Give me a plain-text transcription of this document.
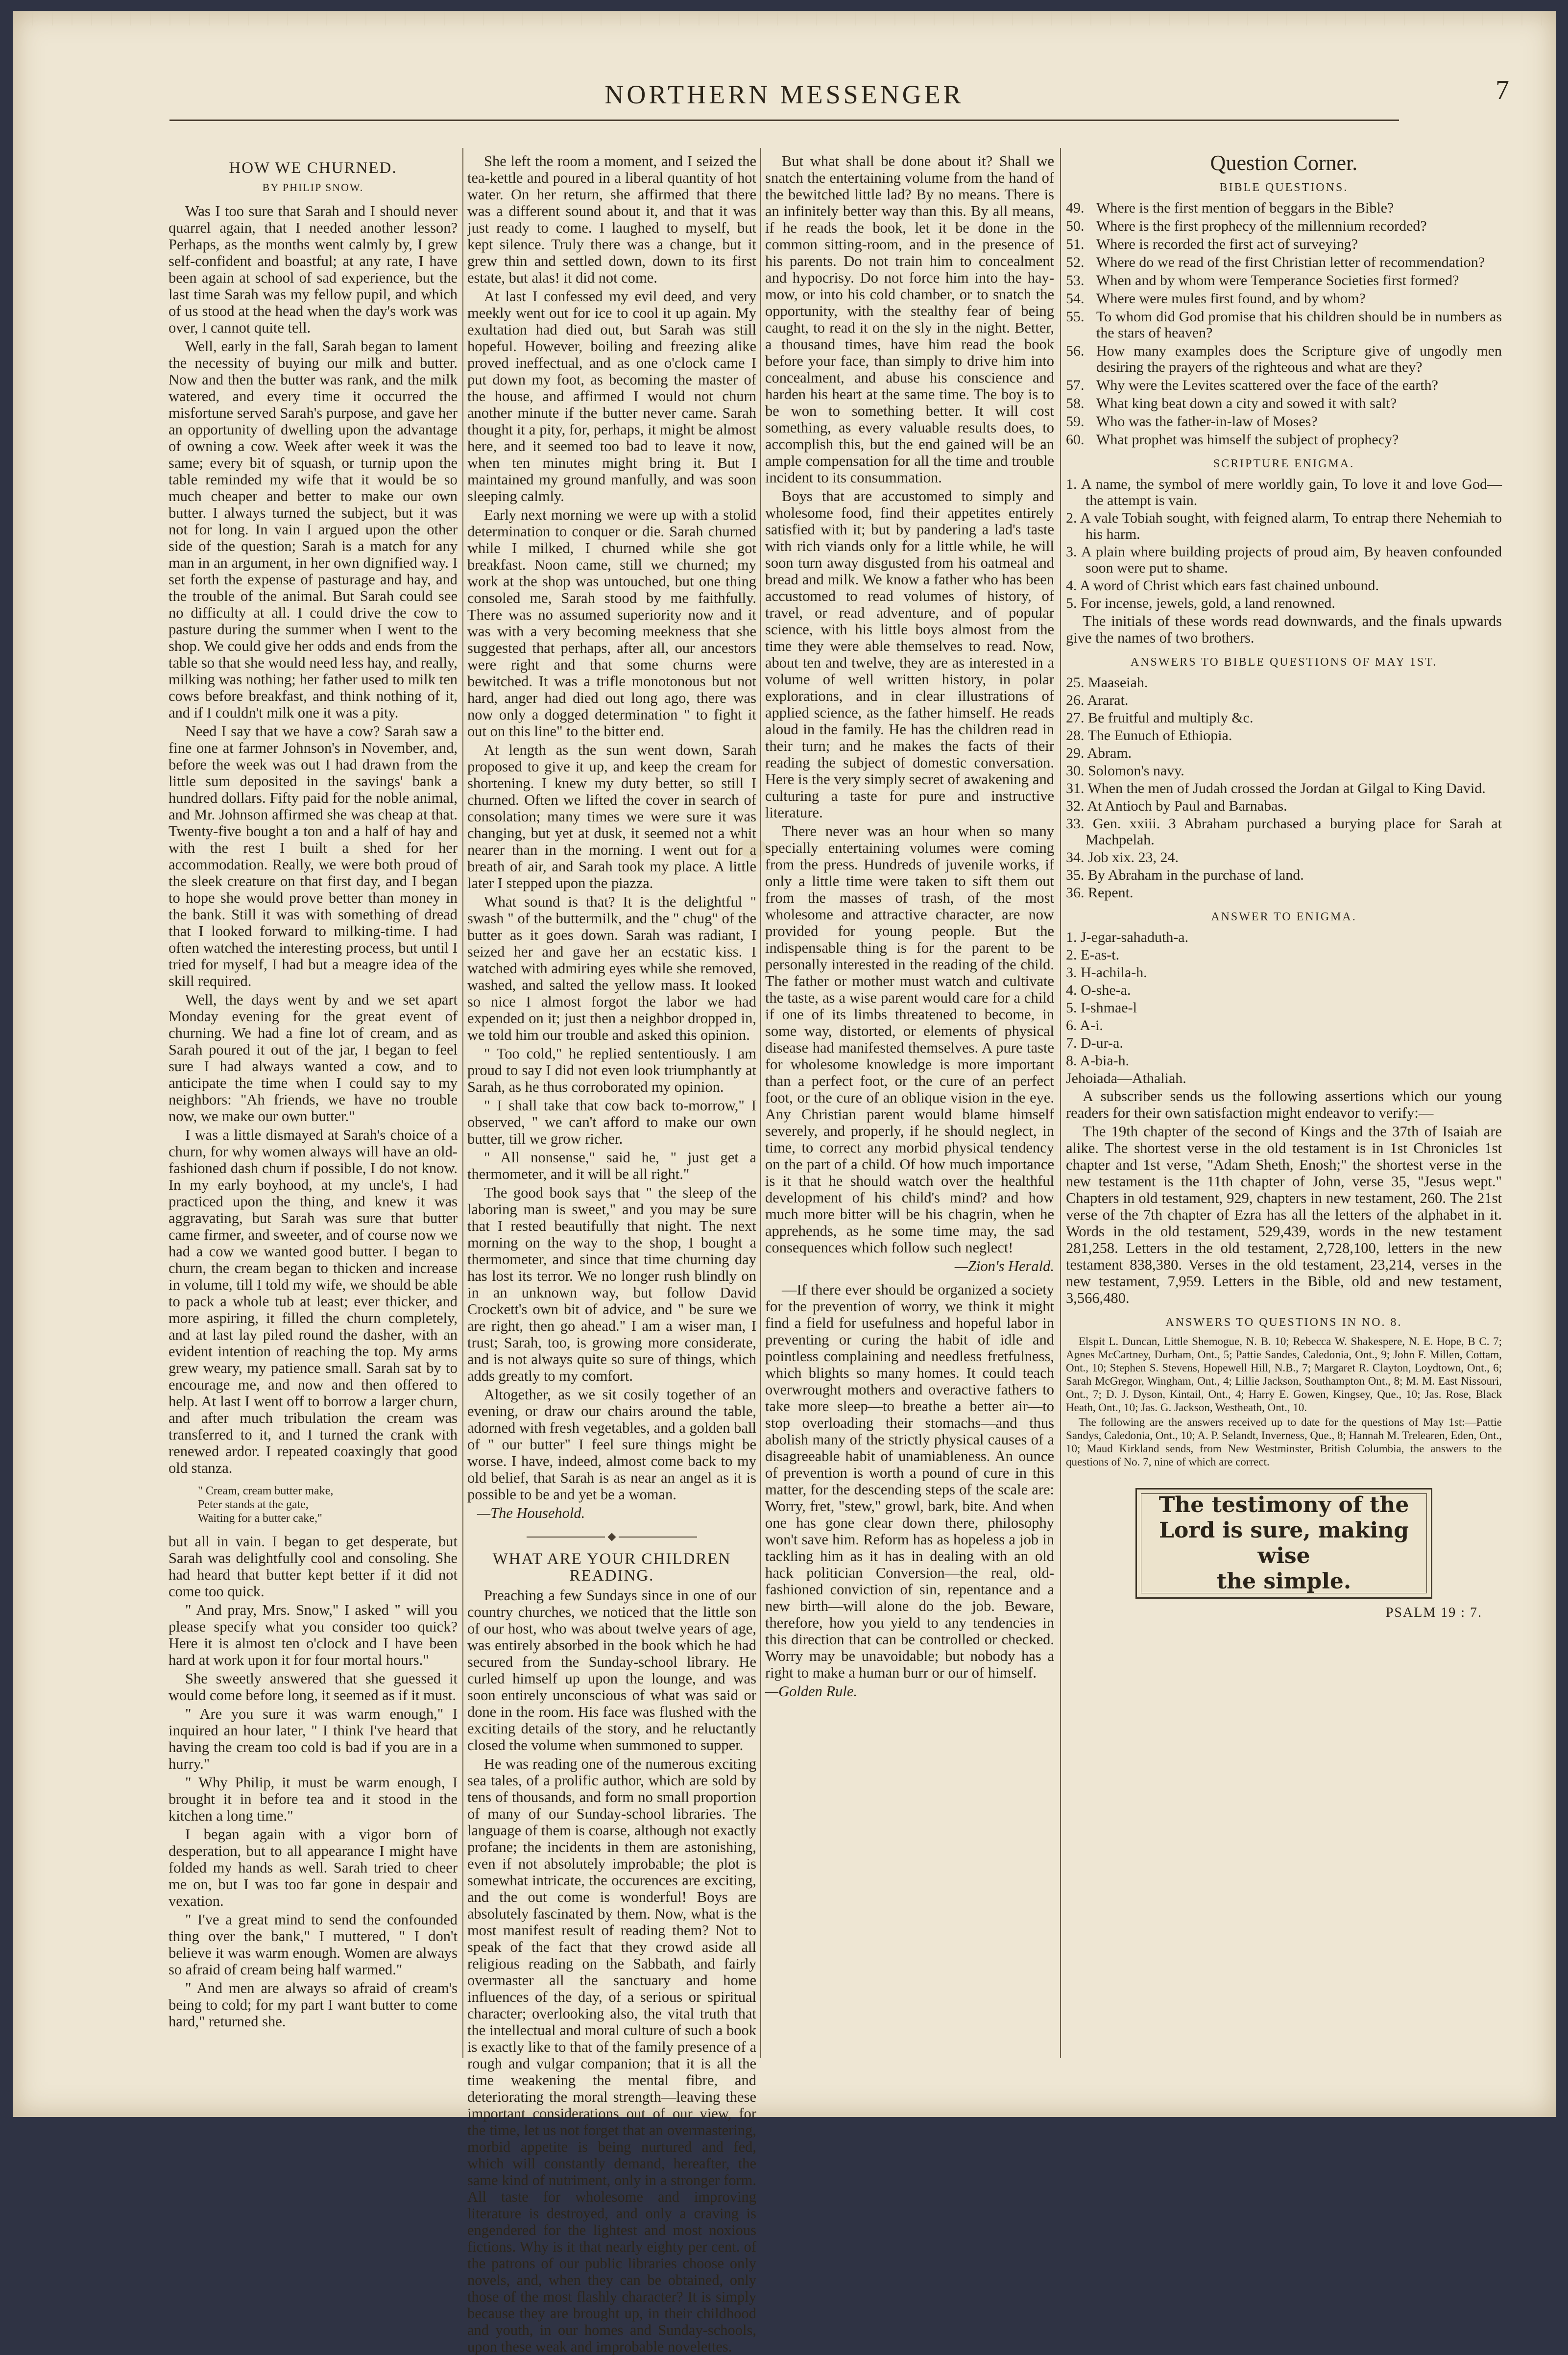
NORTHERN MESSENGER	7
HOW WE CHURNED.
BY PHILIP SNOW.

Was I too sure that Sarah and I should never quarrel again, that I needed another lesson? Perhaps, as the months went calmly by, I grew self-confident and boastful; at any rate, I have been again at school of sad experience, but the last time Sarah was my fellow pupil, and which of us stood at the head when the day's work was over, I cannot quite tell.

Well, early in the fall, Sarah began to lament the necessity of buying our milk and butter. Now and then the butter was rank, and the milk watered, and every time it occurred the misfortune served Sarah's purpose, and gave her an opportunity of dwelling upon the advantage of owning a cow. Week after week it was the same; every bit of squash, or turnip upon the table reminded my wife that it would be so much cheaper and better to make our own butter. I always turned the subject, but it was not for long. In vain I argued upon the other side of the question; Sarah is a match for any man in an argument, in her own dignified way. I set forth the expense of pasturage and hay, and the trouble of the animal. But Sarah could see no difficulty at all. I could drive the cow to pasture during the summer when I went to the shop. We could give her odds and ends from the table so that she would need less hay, and really, milking was nothing; her father used to milk ten cows before breakfast, and think nothing of it, and if I couldn't milk one it was a pity.

Need I say that we have a cow? Sarah saw a fine one at farmer Johnson's in November, and, before the week was out I had drawn from the little sum deposited in the savings' bank a hundred dollars. Fifty paid for the noble animal, and Mr. Johnson affirmed she was cheap at that. Twenty-five bought a ton and a half of hay and with the rest I built a shed for her accommodation. Really, we were both proud of the sleek creature on that first day, and I began to hope she would prove better than money in the bank. Still it was with something of dread that I looked forward to milking-time. I had often watched the interesting process, but until I tried for myself, I had but a meagre idea of the skill required.

Well, the days went by and we set apart Monday evening for the great event of churning. We had a fine lot of cream, and as Sarah poured it out of the jar, I began to feel sure I had always wanted a cow, and to anticipate the time when I could say to my neighbors: "Ah friends, we have no trouble now, we make our own butter."

I was a little dismayed at Sarah's choice of a churn, for why women always will have an old-fashioned dash churn if possible, I do not know. In my early boyhood, at my uncle's, I had practiced upon the thing, and knew it was aggravating, but Sarah was sure that butter came firmer, and sweeter, and of course now we had a cow we wanted good butter. I began to churn, the cream began to thicken and increase in volume, till I told my wife, we should be able to pack a whole tub at least; ever thicker, and more aspiring, it filled the churn completely, and at last lay piled round the dasher, with an evident intention of reaching the top. My arms grew weary, my patience small. Sarah sat by to encourage me, and now and then offered to help. At last I went off to borrow a larger churn, and after much tribulation the cream was transferred to it, and I turned the crank with renewed ardor. I repeated coaxingly that good old stanza.

" Cream, cream butter make,
Peter stands at the gate,
Waiting for a butter cake,"

but all in vain. I began to get desperate, but Sarah was delightfully cool and consoling. She had heard that butter kept better if it did not come too quick.

" And pray, Mrs. Snow," I asked " will you please specify what you consider too quick? Here it is almost ten o'clock and I have been hard at work upon it for four mortal hours."

She sweetly answered that she guessed it would come before long, it seemed as if it must.

" Are you sure it was warm enough," I inquired an hour later, " I think I've heard that having the cream too cold is bad if you are in a hurry."

" Why Philip, it must be warm enough, I brought it in before tea and it stood in the kitchen a long time."

I began again with a vigor born of desperation, but to all appearance I might have folded my hands as well. Sarah tried to cheer me on, but I was too far gone in despair and vexation.

" I've a great mind to send the confounded thing over the bank," I muttered, " I don't believe it was warm enough. Women are always so afraid of cream being half warmed."

" And men are always so afraid of cream's being to cold; for my part I want butter to come hard," returned she.

She left the room a moment, and I seized the tea-kettle and poured in a liberal quantity of hot water. On her return, she affirmed that there was a different sound about it, and that it was just ready to come. I laughed to myself, but kept silence. Truly there was a change, but it grew thin and settled down, down to its first estate, but alas! it did not come.

At last I confessed my evil deed, and very meekly went out for ice to cool it up again. My exultation had died out, but Sarah was still hopeful. However, boiling and freezing alike proved ineffectual, and as one o'clock came I put down my foot, as becoming the master of the house, and affirmed I would not churn another minute if the butter never came. Sarah thought it a pity, for, perhaps, it might be almost here, and it seemed too bad to leave it now, when ten minutes might bring it. But I maintained my ground manfully, and was soon sleeping calmly.

Early next morning we were up with a stolid determination to conquer or die. Sarah churned while I milked, I churned while she got breakfast. Noon came, still we churned; my work at the shop was untouched, but one thing consoled me, Sarah stood by me faithfully. There was no assumed superiority now and it was with a very becoming meekness that she suggested that perhaps, after all, our ancestors were right and that some churns were bewitched. It was a trifle monotonous but not hard, anger had died out long ago, there was now only a dogged determination " to fight it out on this line" to the bitter end.

At length as the sun went down, Sarah proposed to give it up, and keep the cream for shortening. I knew my duty better, so still I churned. Often we lifted the cover in search of consolation; many times we were sure it was changing, but yet at dusk, it seemed not a whit nearer than in the morning. I went out for a breath of air, and Sarah took my place. A little later I stepped upon the piazza.

What sound is that? It is the delightful " swash " of the buttermilk, and the " chug" of the butter as it goes down. Sarah was radiant, I seized her and gave her an ecstatic kiss. I watched with admiring eyes while she removed, washed, and salted the yellow mass. It looked so nice I almost forgot the labor we had expended on it; just then a neighbor dropped in, we told him our trouble and asked this opinion.

" Too cold," he replied sententiously. I am proud to say I did not even look triumphantly at Sarah, as he thus corroborated my opinion.

" I shall take that cow back to-morrow," I observed, " we can't afford to make our own butter, till we grow richer.

" All nonsense," said he, " just get a thermometer, and it will be all right."

The good book says that " the sleep of the laboring man is sweet," and you may be sure that I rested beautifully that night. The next morning on the way to the shop, I bought a thermometer, and since that time churning day has lost its terror. We no longer rush blindly on in an unknown way, but follow David Crockett's own bit of advice, and " be sure we are right, then go ahead." I am a wiser man, I trust; Sarah, too, is growing more considerate, and is not always quite so sure of things, which adds greatly to my comfort.

Altogether, as we sit cosily together of an evening, or draw our chairs around the table, adorned with fresh vegetables, and a golden ball of " our butter" I feel sure things might be worse. I have, indeed, almost come back to my old belief, that Sarah is as near an angel as it is possible to be and yet be a woman.

—The Household.
WHAT ARE YOUR CHILDREN READING.

Preaching a few Sundays since in one of our country churches, we noticed that the little son of our host, who was about twelve years of age, was entirely absorbed in the book which he had secured from the Sunday-school library. He curled himself up upon the lounge, and was soon entirely unconscious of what was said or done in the room. His face was flushed with the exciting details of the story, and he reluctantly closed the volume when summoned to supper.

He was reading one of the numerous exciting sea tales, of a prolific author, which are sold by tens of thousands, and form no small proportion of many of our Sunday-school libraries. The language of them is coarse, although not exactly profane; the incidents in them are astonishing, even if not absolutely improbable; the plot is somewhat intricate, the occurences are exciting, and the out come is wonderful! Boys are absolutely fascinated by them. Now, what is the most manifest result of reading them? Not to speak of the fact that they crowd aside all religious reading on the Sabbath, and fairly overmaster all the sanctuary and home influences of the day, of a serious or spiritual character; overlooking also, the vital truth that the intellectual and moral culture of such a book is exactly like to that of the family presence of a rough and vulgar companion; that it is all the time weakening the mental fibre, and deteriorating the moral strength—leaving these important considerations out of our view, for the time, let us not forget that an overmastering, morbid appetite is being nurtured and fed, which will constantly demand, hereafter, the same kind of nutriment, only in a stronger form. All taste for wholesome and improving literature is destroyed, and only a craving is engendered for the lightest and most noxious fictions. Why is it that nearly eighty per cent. of the patrons of our public libraries choose only novels, and, when they can be obtained, only those of the most flashly character? It is simply because they are brought up, in their childhood and youth, in our homes and Sunday-schools, upon these weak and improbable novelettes.

But what shall be done about it? Shall we snatch the entertaining volume from the hand of the bewitched little lad? By no means. There is an infinitely better way than this. By all means, if he reads the book, let it be done in the common sitting-room, and in the presence of his parents. Do not train him to concealment and hypocrisy. Do not force him into the hay-mow, or into his cold chamber, or to snatch the opportunity, with the stealthy fear of being caught, to read it on the sly in the night. Better, a thousand times, have him read the book before your face, than simply to drive him into concealment, and abuse his conscience and harden his heart at the same time. The boy is to be won to something better. It will cost something, as every valuable results does, to accomplish this, but the end gained will be an ample compensation for all the time and trouble incident to its consummation.

Boys that are accustomed to simply and wholesome food, find their appetites entirely satisfied with it; but by pandering a lad's taste with rich viands only for a little while, he will soon turn away disgusted from his oatmeal and bread and milk. We know a father who has been accustomed to read volumes of history, of travel, or read adventure, and of popular science, with his little boys almost from the time they were able themselves to read. Now, about ten and twelve, they are as interested in a volume of well written history, in polar explorations, and in clear illustrations of applied science, as the father himself. He reads aloud in the family. He has the children read in their turn; and he makes the facts of their reading the subject of domestic conversation. Here is the very simply secret of awakening and culturing a taste for pure and instructive literature.

There never was an hour when so many specially entertaining volumes were coming from the press. Hundreds of juvenile works, if only a little time were taken to sift them out from the masses of trash, of the most wholesome and attractive character, are now provided for young people. But the indispensable thing is for the parent to be personally interested in the reading of the child. The father or mother must watch and cultivate the taste, as a wise parent would care for a child if one of its limbs threatened to become, in some way, distorted, or elements of physical disease had manifested themselves. A pure taste for wholesome knowledge is more important than a perfect foot, or the cure of an perfect foot, or the cure of an oblique vision in the eye. Any Christian parent would blame himself severely, and properly, if he should neglect, in time, to correct any morbid physical tendency on the part of a child. Of how much importance is it that he should watch over the healthful development of his child's mind? and how much more bitter will be his chagrin, when he apprehends, as he some time may, the sad consequences which follow such neglect!

—Zion's Herald.

—If there ever should be organized a society for the prevention of worry, we think it might find a field for usefulness and hopeful labor in preventing or curing the habit of idle and pointless complaining and needless fretfulness, which blights so many homes. It could teach overwrought mothers and overactive fathers to take more sleep—to breathe a better air—to stop overloading their stomachs—and thus abolish many of the strictly physical causes of a disagreeable habit of unamiableness. An ounce of prevention is worth a pound of cure in this matter, for the descending steps of the scale are: Worry, fret, "stew," growl, bark, bite. And when one has gone clear down there, philosophy won't save him. Reform has as hopeless a job in tackling him as it has in dealing with an old hack politician Conversion—the real, old-fashioned conviction of sin, repentance and a new birth—will alone do the job. Beware, therefore, how you yield to any tendencies in this direction that can be controlled or checked. Worry may be unavoidable; but nobody has a right to make a human burr or our of himself.

—Golden Rule.
Question Corner.
BIBLE QUESTIONS.
49. Where is the first mention of beggars in the Bible?
50. Where is the first prophecy of the millennium recorded?
51. Where is recorded the first act of surveying?
52. Where do we read of the first Christian letter of recommendation?
53. When and by whom were Temperance Societies first formed?
54. Where were mules first found, and by whom?
55. To whom did God promise that his children should be in numbers as the stars of heaven?
56. How many examples does the Scripture give of ungodly men desiring the prayers of the righteous and what are they?
57. Why were the Levites scattered over the face of the earth?
58. What king beat down a city and sowed it with salt?
59. Who was the father-in-law of Moses?
60. What prophet was himself the subject of prophecy?
SCRIPTURE ENIGMA.
1. A name, the symbol of mere worldly gain, To love it and love God—the attempt is vain.
2. A vale Tobiah sought, with feigned alarm, To entrap there Nehemiah to his harm.
3. A plain where building projects of proud aim, By heaven confounded soon were put to shame.
4. A word of Christ which ears fast chained unbound.
5. For incense, jewels, gold, a land renowned.

The initials of these words read downwards, and the finals upwards give the names of two brothers.

ANSWERS TO BIBLE QUESTIONS OF MAY 1ST.
25. Maaseiah.
26. Ararat.
27. Be fruitful and multiply &c.
28. The Eunuch of Ethiopia.
29. Abram.
30. Solomon's navy.
31. When the men of Judah crossed the Jordan at Gilgal to King David.
32. At Antioch by Paul and Barnabas.
33. Gen. xxiii. 3 Abraham purchased a burying place for Sarah at Machpelah.
34. Job xix. 23, 24.
35. By Abraham in the purchase of land.
36. Repent.
ANSWER TO ENIGMA.
1. J-egar-sahaduth-a.
2. E-as-t.
3. H-achila-h.
4. O-she-a.
5. I-shmae-l
6. A-i.
7. D-ur-a.
8. A-bia-h.
Jehoiada—Athaliah.

A subscriber sends us the following assertions which our young readers for their own satisfaction might endeavor to verify:—

The 19th chapter of the second of Kings and the 37th of Isaiah are alike. The shortest verse in the old testament is in 1st Chronicles 1st chapter and 1st verse, "Adam Sheth, Enosh;" the shortest verse in the new testament is the 11th chapter of John, verse 35, "Jesus wept." Chapters in old testament, 929, chapters in new testament, 260. The 21st verse of the 7th chapter of Ezra has all the letters of the alphabet in it. Words in the old testament, 529,439, words in the new testament 281,258. Letters in the old testament, 2,728,100, letters in the new testament 838,380. Verses in the old testament, 23,214, verses in the new testament, 7,959. Letters in the Bible, old and new testament, 3,566,480.

ANSWERS TO QUESTIONS IN NO. 8.

Elspit L. Duncan, Little Shemogue, N. B. 10; Rebecca W. Shakespere, N. E. Hope, B C. 7; Agnes McCartney, Durham, Ont., 5; Pattie Sandes, Caledonia, Ont., 9; John F. Millen, Cottam, Ont., 10; Stephen S. Stevens, Hopewell Hill, N.B., 7; Margaret R. Clayton, Loydtown, Ont., 6; Sarah McGregor, Wingham, Ont., 4; Lillie Jackson, Southampton Ont., 8; M. M. East Nissouri, Ont., 7; D. J. Dyson, Kintail, Ont., 4; Harry E. Gowen, Kingsey, Que., 10; Jas. Rose, Black Heath, Ont., 10; Jas. G. Jackson, Westheath, Ont., 10.

The following are the answers received up to date for the questions of May 1st:—Pattie Sandys, Caledonia, Ont., 10; A. P. Selandt, Inverness, Que., 8; Hannah M. Trelearen, Eden, Ont., 10; Maud Kirkland sends, from New Westminster, British Columbia, the answers to the questions of No. 7, nine of which are correct.

The testimony of the
Lord is sure, making wise
the simple.
PSALM 19 : 7.
